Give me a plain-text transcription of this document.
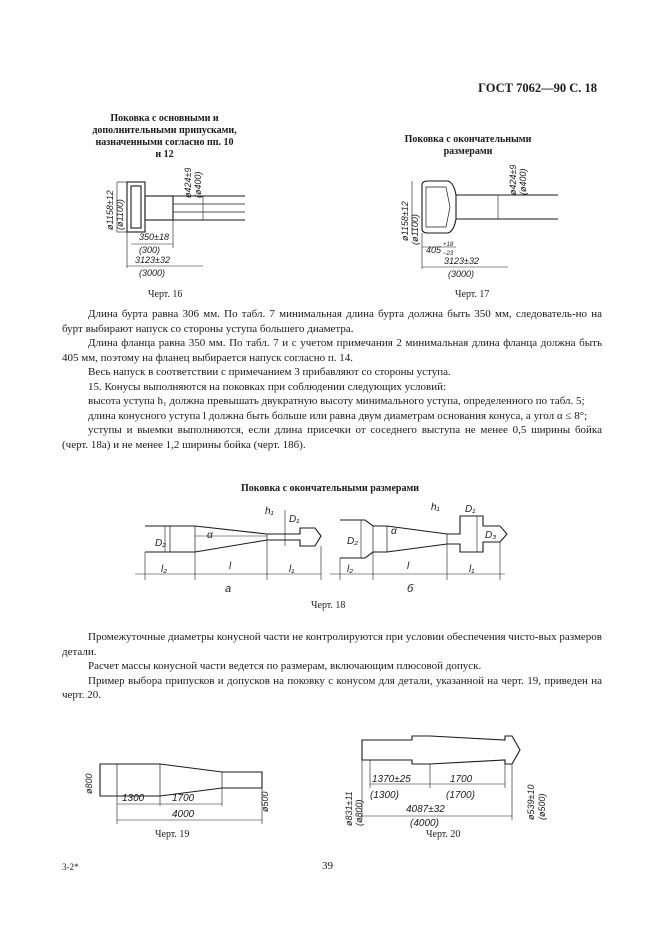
ГОСТ 7062—90 С. 18
Поковка с основными и дополнительными припусками, назначенными согласно пп. 10 и 12
Поковка с окончательными размерами
ø1158±12 (ø1100)
ø424±9 (ø400)
350±18
(300)
3123±32
(3000)
Черт. 16
ø1158±12 (ø1100)
ø424±9 (ø400)
405 +18
−23
3123±32
(3000)
Черт. 17

Длина бурта равна 306 мм. По табл. 7 минимальная длина бурта должна быть 350 мм, следователь-но на бурт выбирают напуск со стороны уступа большего диаметра.

Длина фланца равна 350 мм. По табл. 7 и с учетом примечания 2 минимальная длина фланца должна быть 405 мм, поэтому на фланец выбирается напуск согласно п. 14.

Весь напуск в соответствии с примечанием 3 прибавляют со стороны уступа.

15. Конусы выполняются на поковках при соблюдении следующих условий:

высота уступа h₁ должна превышать двукратную высоту минимального уступа, определенного по табл. 5;

длина конусного уступа l должна быть больше или равна двум диаметрам основания конуса, а угол α ≤ 8°;

уступы и выемки выполняются, если длина присечки от соседнего выступа не менее 0,5 ширины бойка (черт. 18а) и не менее 1,2 ширины бойка (черт. 18б).

Поковка с окончательными размерами
D₂
α
h₁
D₁
l₂	l	l₁
а
D₂
α
h₁	D₁
D₃
l₂	l	l₁
б
Черт. 18

Промежуточные диаметры конусной части не контролируются при условии обеспечения чисто-вых размеров детали.

Расчет массы конусной части ведется по размерам, включающим плюсовой допуск.

Пример выбора припусков и допусков на поковку с конусом для детали, указанной на черт. 19, приведен на черт. 20.

ø800
ø500
1300	1700
4000
Черт. 19
ø831±11 (ø800)	ø539±10 (ø500)
1370±25
(1300)
1700
(1700)
4087±32
(4000)
Черт. 20
3-2*	39
